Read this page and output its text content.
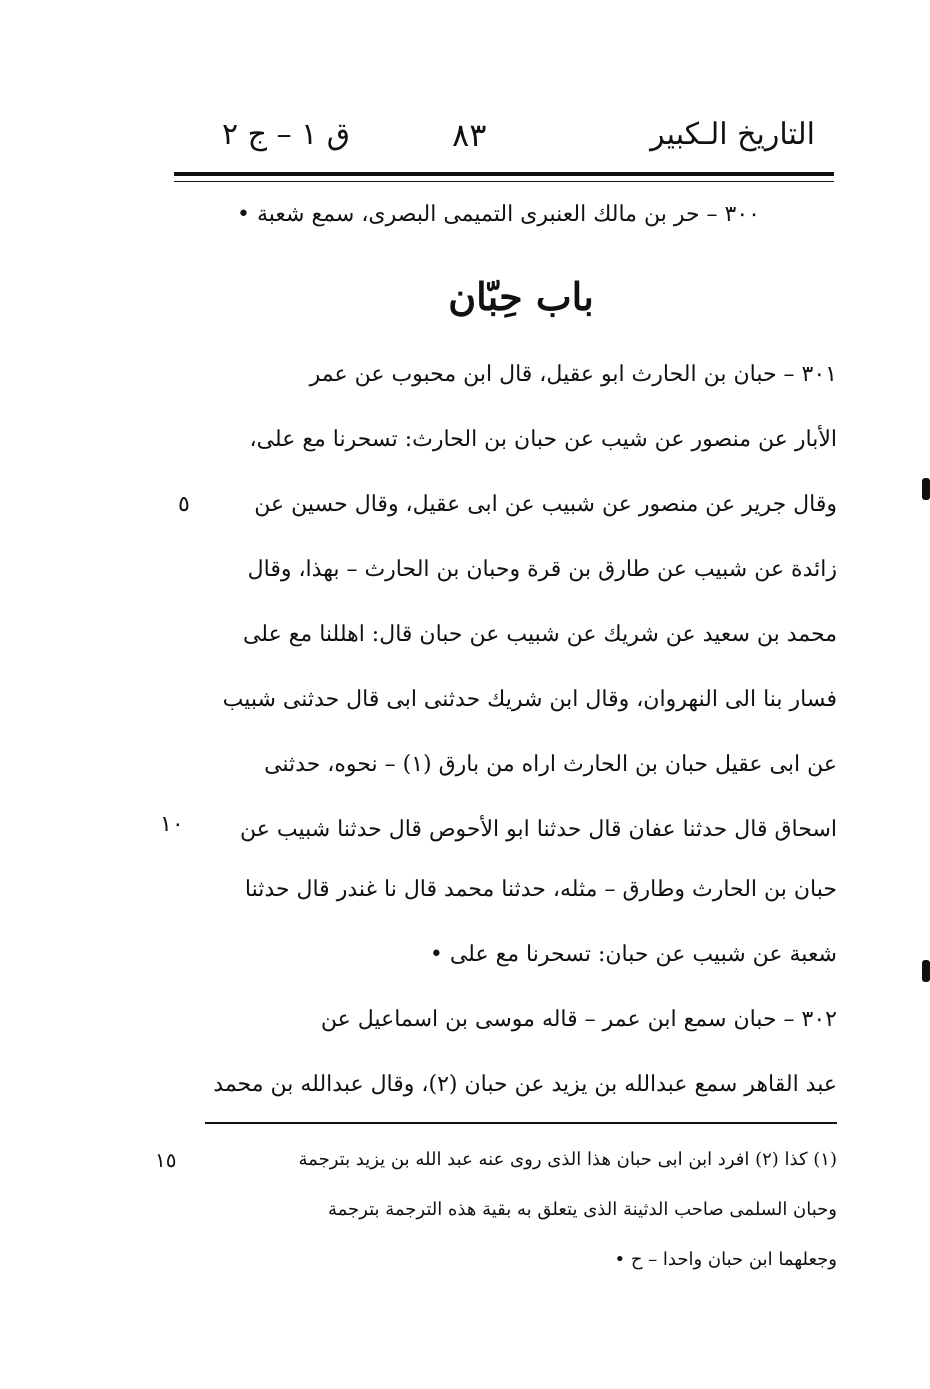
التاريخ الـكبير
٨٣
ق ١ – ج ٢
٣٠٠ – حر بن مالك العنبرى التميمى البصرى، سمع شعبة •
باب حِبّان
٣٠١ – حبان بن الحارث ابو عقيل، قال ابن محبوب عن عمر
الأبار عن منصور عن شيب عن حبان بن الحارث: تسحرنا مع على،
وقال جرير عن منصور عن شبيب عن ابى عقيل، وقال حسين عن
زائدة عن شبيب عن طارق بن قرة وحبان بن الحارث – بهذا، وقال
محمد بن سعيد عن شريك عن شبيب عن حبان قال: اهللنا مع على
فسار بنا الى النهروان، وقال ابن شريك حدثنى ابى قال حدثنى شبيب
عن ابى عقيل حبان بن الحارث اراه من بارق (١) – نحوه، حدثنى
اسحاق قال حدثنا عفان قال حدثنا ابو الأحوص قال حدثنا شبيب عن
حبان بن الحارث وطارق – مثله، حدثنا محمد قال نا غندر قال حدثنا
شعبة عن شبيب عن حبان: تسحرنا مع على •
٣٠٢ – حبان سمع ابن عمر – قاله موسى بن اسماعيل عن
عبد القاهر سمع عبدالله بن يزيد عن حبان (٢)، وقال عبدالله بن محمد
٥
١٠
(١) كذا (٢) افرد ابن ابى حبان هذا الذى روى عنه عبد الله بن يزيد بترجمة
وحبان السلمى صاحب الدثينة الذى يتعلق به بقية هذه الترجمة بترجمة
وجعلهما ابن حبان واحدا – ح •
١٥
